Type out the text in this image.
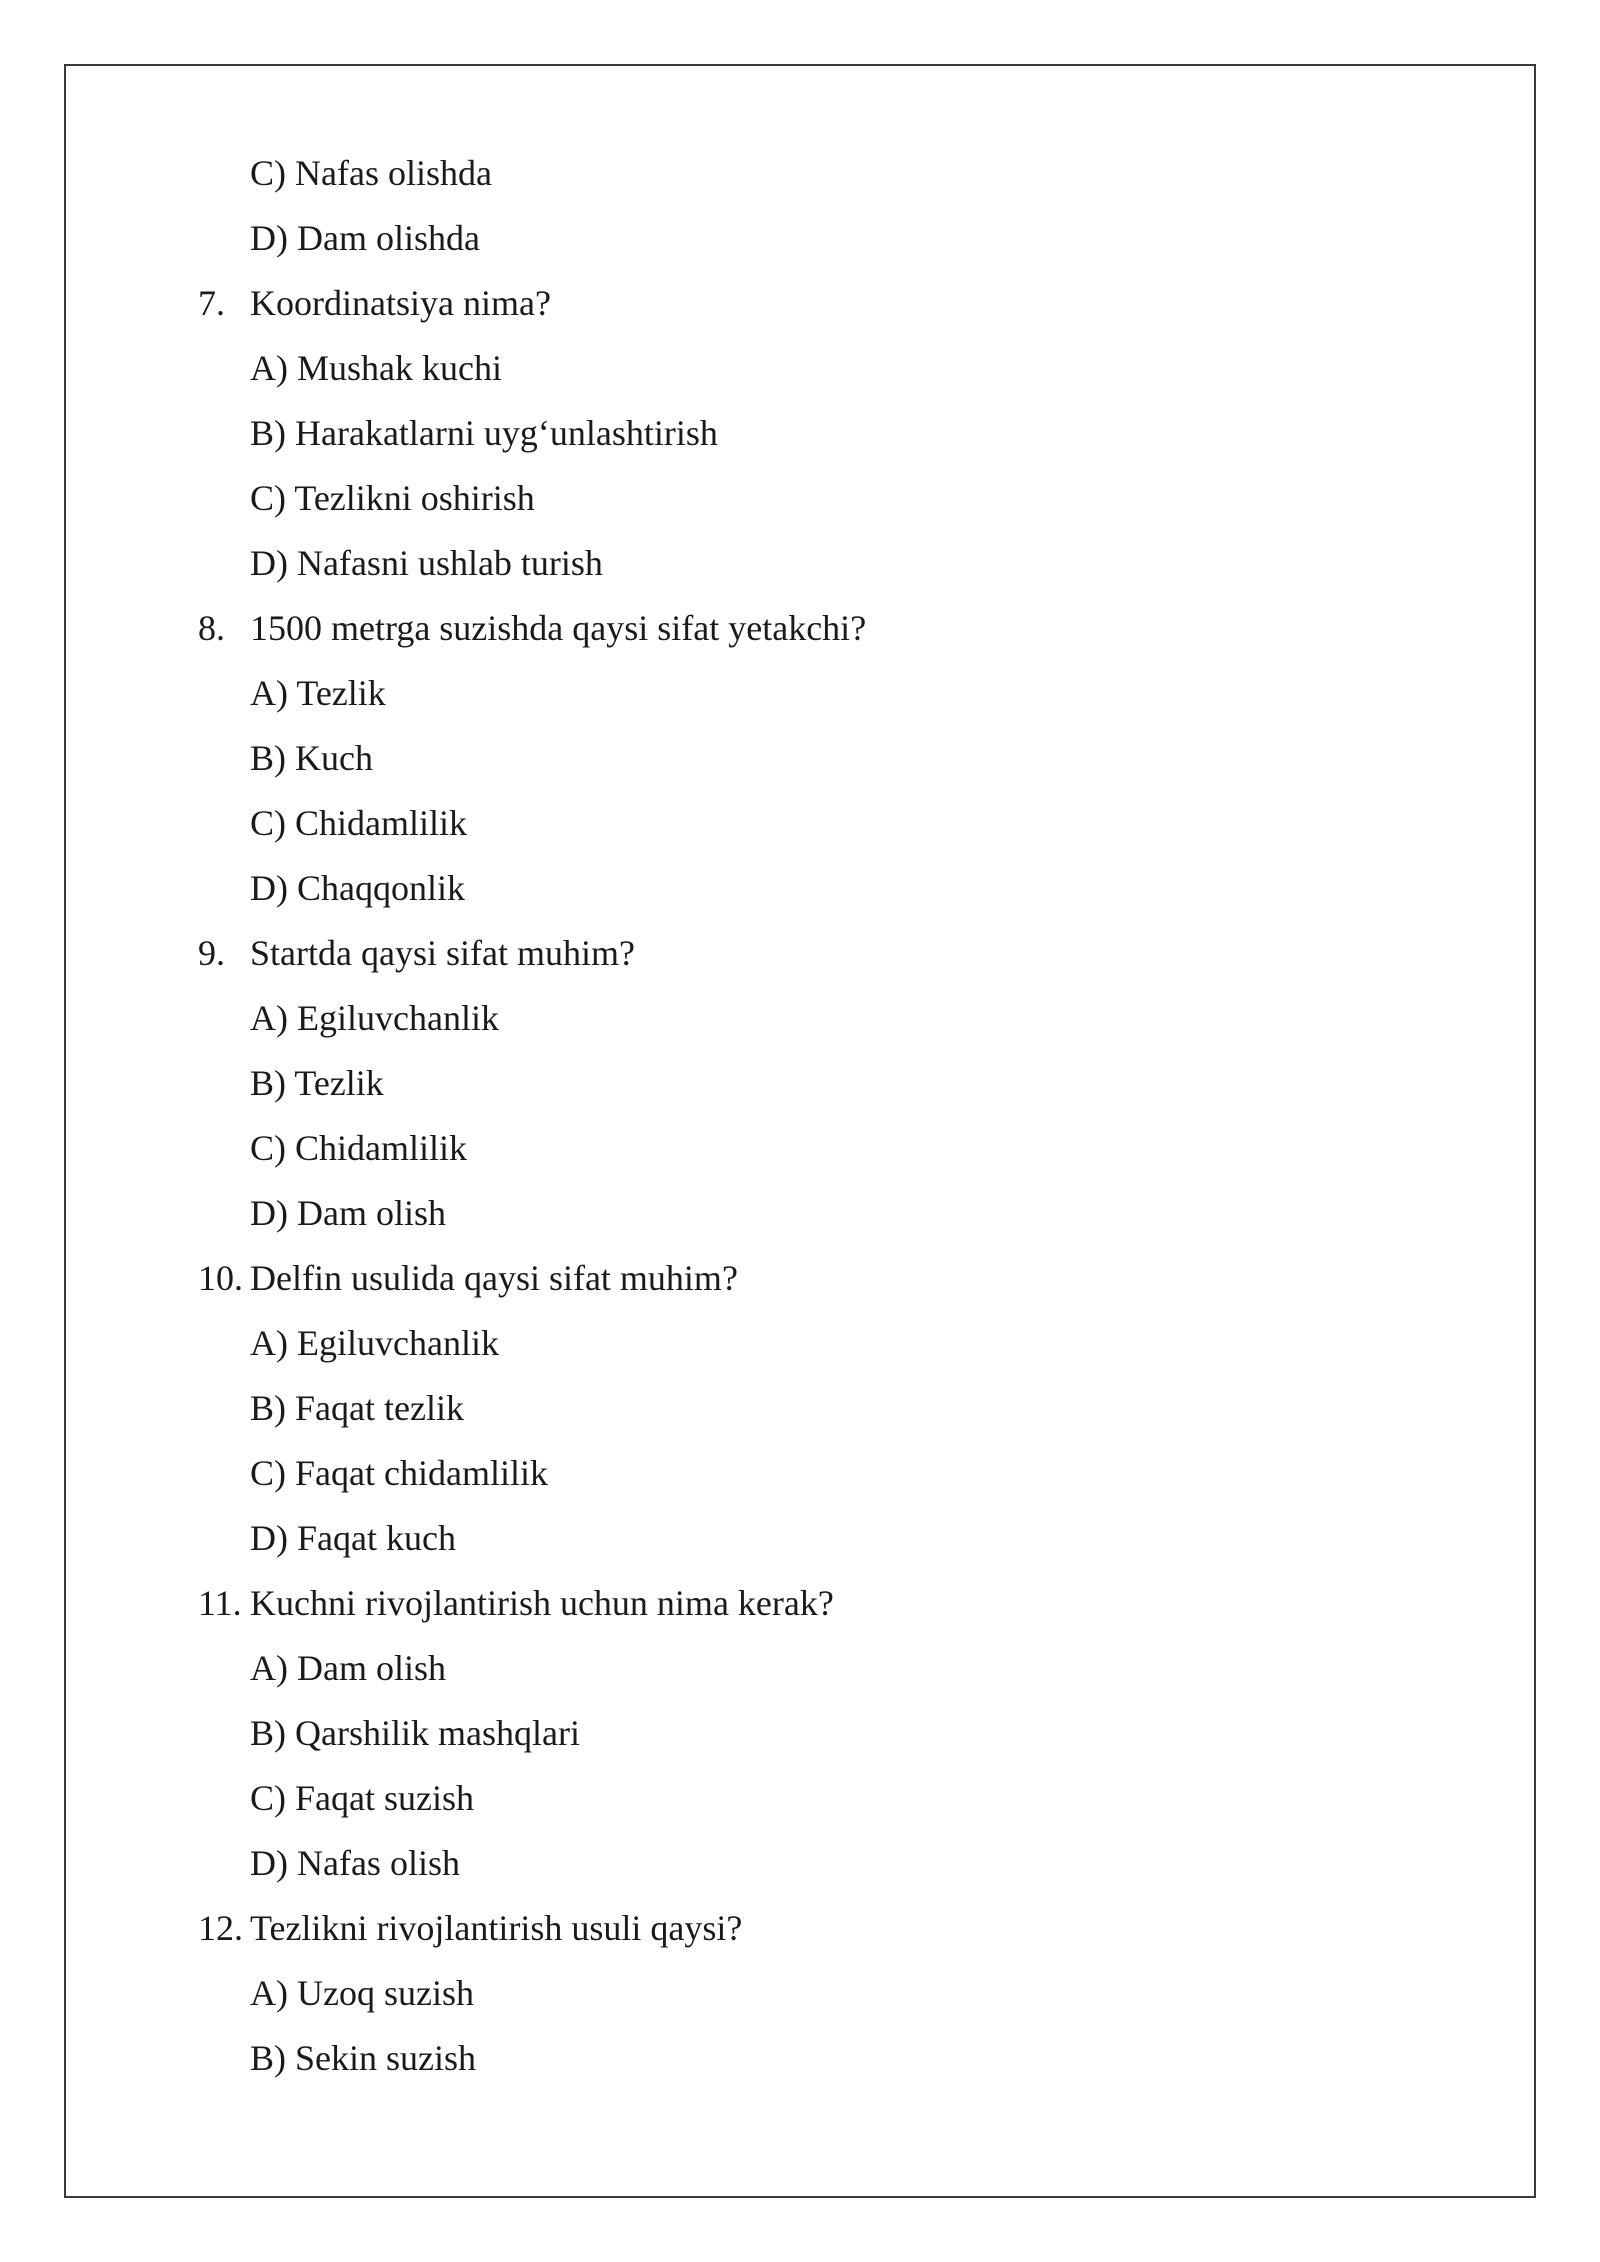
C) Nafas olishda
D) Dam olishda
7. Koordinatsiya nima?
A) Mushak kuchi
B) Harakatlarni uyg‘unlashtirish
C) Tezlikni oshirish
D) Nafasni ushlab turish
8. 1500 metrga suzishda qaysi sifat yetakchi?
A) Tezlik
B) Kuch
C) Chidamlilik
D) Chaqqonlik
9. Startda qaysi sifat muhim?
A) Egiluvchanlik
B) Tezlik
C) Chidamlilik
D) Dam olish
10. Delfin usulida qaysi sifat muhim?
A) Egiluvchanlik
B) Faqat tezlik
C) Faqat chidamlilik
D) Faqat kuch
11. Kuchni rivojlantirish uchun nima kerak?
A) Dam olish
B) Qarshilik mashqlari
C) Faqat suzish
D) Nafas olish
12. Tezlikni rivojlantirish usuli qaysi?
A) Uzoq suzish
B) Sekin suzish
